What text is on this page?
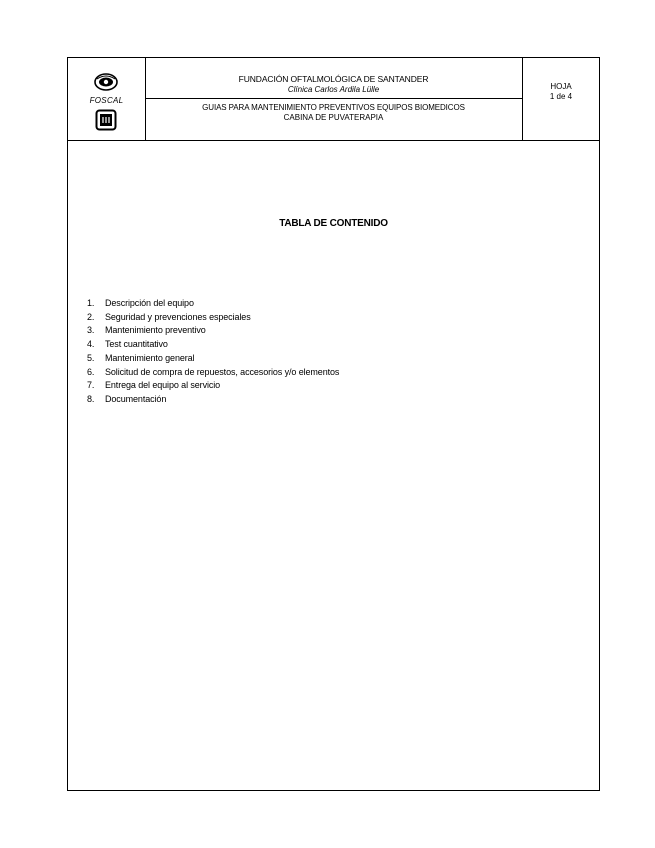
FOSCAL
FUNDACIÓN OFTALMOLÓGICA DE SANTANDER
Clínica Carlos Ardila Lülle
GUIAS PARA MANTENIMIENTO PREVENTIVOS EQUIPOS BIOMEDICOS
CABINA DE PUVATERAPIA
HOJA
1 de 4
TABLA DE CONTENIDO
1. Descripción del equipo
2. Seguridad y prevenciones especiales
3. Mantenimiento preventivo
4. Test cuantitativo
5. Mantenimiento general
6. Solicitud de compra de repuestos, accesorios y/o elementos
7. Entrega del equipo al servicio
8. Documentación
